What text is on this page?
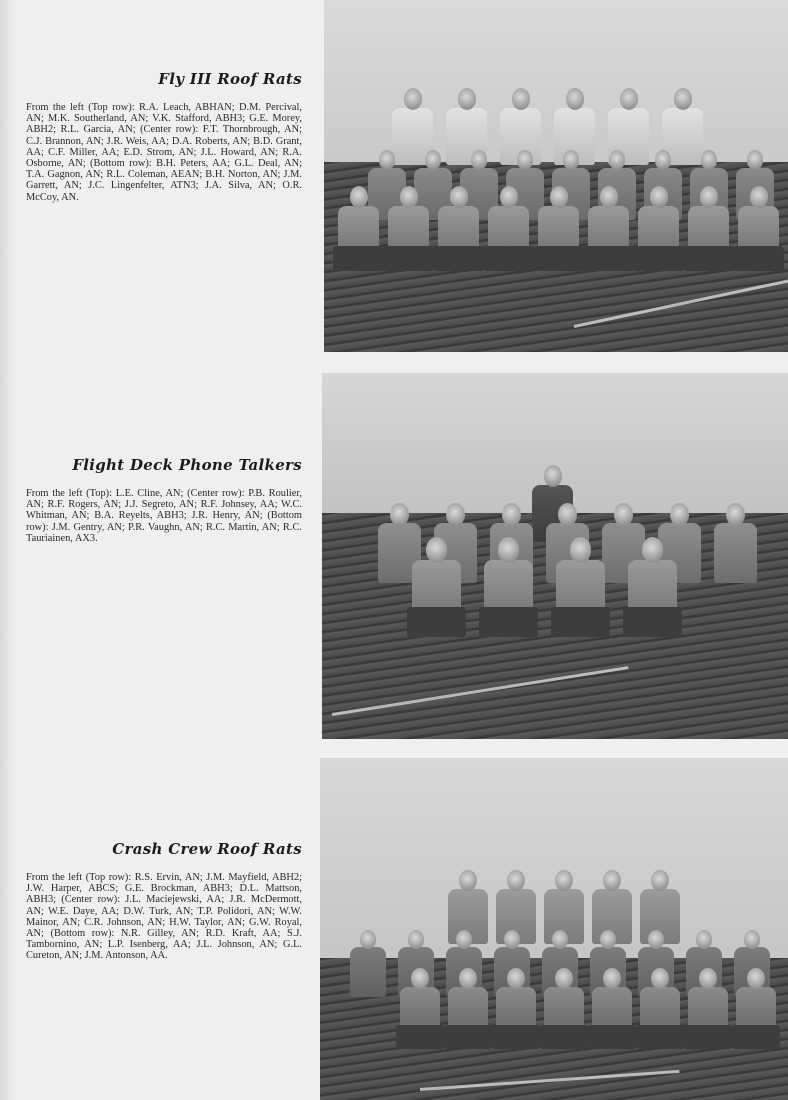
Fly III Roof Rats

From the left (Top row): R.A. Leach, ABHAN; D.M. Percival, AN; M.K. Southerland, AN; V.K. Stafford, ABH3; G.E. Morey, ABH2; R.L. Garcia, AN; (Center row): F.T. Thornbrough, AN; C.J. Brannon, AN; J.R. Weis, AA; D.A. Roberts, AN; B.D. Grant, AA; C.F. Miller, AA; E.D. Strom, AN; J.L. Howard, AN; R.A. Osborne, AN; (Bottom row): B.H. Peters, AA; G.L. Deal, AN; T.A. Gagnon, AN; R.L. Coleman, AEAN; B.H. Norton, AN; J.M. Garrett, AN; J.C. Lingenfelter, ATN3; J.A. Silva, AN; O.R. McCoy, AN.

Flight Deck Phone Talkers

From the left (Top): L.E. Cline, AN; (Center row): P.B. Roulier, AN; R.F. Rogers, AN; J.J. Segreto, AN; R.F. Johnsey, AA; W.C. Whitman, AN; B.A. Reyelts, ABH3; J.R. Henry, AN; (Bottom row): J.M. Gentry, AN; P.R. Vaughn, AN; R.C. Martin, AN; R.C. Tauriainen, AX3.

Crash Crew Roof Rats

From the left (Top row): R.S. Ervin, AN; J.M. Mayfield, ABH2; J.W. Harper, ABCS; G.E. Brockman, ABH3; D.L. Mattson, ABH3; (Center row): J.L. Maciejewski, AA; J.R. McDermott, AN; W.E. Daye, AA; D.W. Turk, AN; T.P. Polidori, AN; W.W. Mainor, AN; C.R. Johnson, AN; H.W. Taylor, AN; G.W. Royal, AN; (Bottom row): N.R. Gilley, AN; R.D. Kraft, AA; S.J. Tambornino, AN; L.P. Isenberg, AA; J.L. Johnson, AN; G.L. Cureton, AN; J.M. Antonson, AA.
